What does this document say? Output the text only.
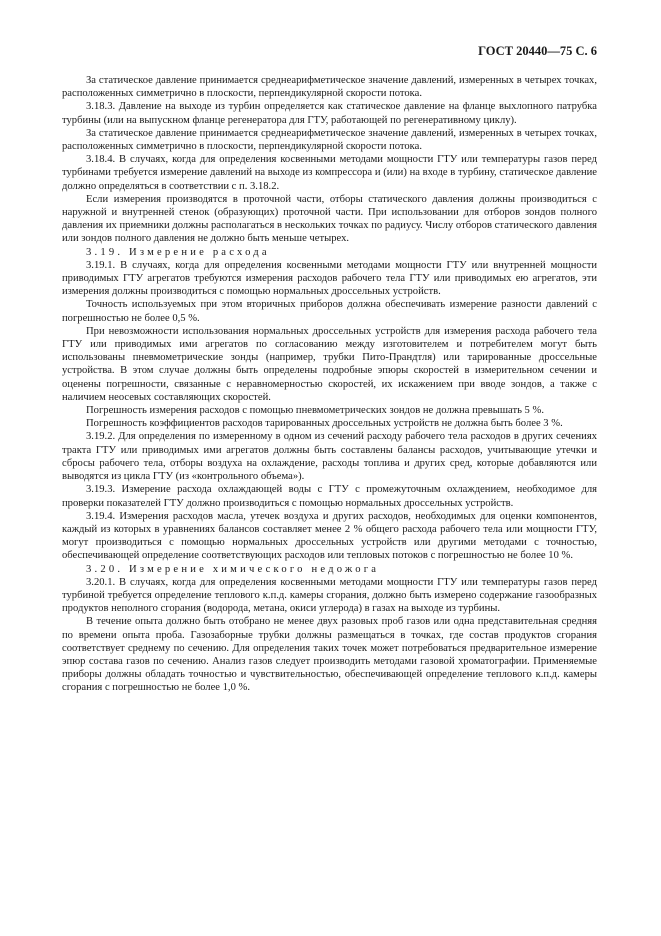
ГОСТ 20440—75 С. 6

За статическое давление принимается среднеарифметическое значение давлений, измеренных в четырех точках, расположенных симметрично в плоскости, перпендикулярной скорости потока.

3.18.3. Давление на выходе из турбин определяется как статическое давление на фланце выхлопного патрубка турбины (или на выпускном фланце регенератора для ГТУ, работающей по регенеративному циклу).

За статическое давление принимается среднеарифметическое значение давлений, измеренных в четырех точках, расположенных симметрично в плоскости, перпендикулярной скорости потока.

3.18.4. В случаях, когда для определения косвенными методами мощности ГТУ или температуры газов перед турбинами требуется измерение давлений на выходе из компрессора и (или) на входе в турбину, статическое давление должно определяться в соответствии с п. 3.18.2.

Если измерения производятся в проточной части, отборы статического давления должны производиться с наружной и внутренней стенок (образующих) проточной части. При использовании для отборов зондов полного давления их приемники должны располагаться в нескольких точках по радиусу. Числу отборов статического давления или зондов полного давления не должно быть меньше четырех.

3.19. Измерение расхода

3.19.1. В случаях, когда для определения косвенными методами мощности ГТУ или внутренней мощности приводимых ГТУ агрегатов требуются измерения расходов рабочего тела ГТУ или приводимых ею агрегатов, эти измерения должны производиться с помощью нормальных дроссельных устройств.

Точность используемых при этом вторичных приборов должна обеспечивать измерение разности давлений с погрешностью не более 0,5 %.

При невозможности использования нормальных дроссельных устройств для измерения расхода рабочего тела ГТУ или приводимых ими агрегатов по согласованию между изготовителем и потребителем могут быть использованы пневмометрические зонды (например, трубки Пито-Прандтля) или тарированные дроссельные устройства. В этом случае должны быть определены подробные эпюры скоростей в измерительном сечении и оценены погрешности, связанные с неравномерностью скоростей, их искажением при вводе зондов, а также с наличием неосевых составляющих скоростей.

Погрешность измерения расходов с помощью пневмометрических зондов не должна превышать 5 %.

Погрешность коэффициентов расходов тарированных дроссельных устройств не должна быть более 3 %.

3.19.2. Для определения по измеренному в одном из сечений расходу рабочего тела расходов в других сечениях тракта ГТУ или приводимых ими агрегатов должны быть составлены балансы расходов, учитывающие утечки и сбросы рабочего тела, отборы воздуха на охлаждение, расходы топлива и других сред, которые добавляются или выводятся из цикла ГТУ (из «контрольного объема»).

3.19.3. Измерение расхода охлаждающей воды с ГТУ с промежуточным охлаждением, необходимое для проверки показателей ГТУ должно производиться с помощью нормальных дроссельных устройств.

3.19.4. Измерения расходов масла, утечек воздуха и других расходов, необходимых для оценки компонентов, каждый из которых в уравнениях балансов составляет менее 2 % общего расхода рабочего тела или мощности ГТУ, могут производиться с помощью нормальных дроссельных устройств или другими методами с точностью, обеспечивающей определение соответствующих расходов или тепловых потоков с погрешностью не более 10 %.

3.20. Измерение химического недожога

3.20.1. В случаях, когда для определения косвенными методами мощности ГТУ или температуры газов перед турбиной требуется определение теплового к.п.д. камеры сгорания, должно быть измерено содержание газообразных продуктов неполного сгорания (водорода, метана, окиси углерода) в газах на выходе из турбины.

В течение опыта должно быть отобрано не менее двух разовых проб газов или одна представительная средняя по времени опыта проба. Газозаборные трубки должны размещаться в точках, где состав продуктов сгорания соответствует среднему по сечению. Для определения таких точек может потребоваться предварительное измерение эпюр состава газов по сечению. Анализ газов следует производить методами газовой хроматографии. Применяемые приборы должны обладать точностью и чувствительностью, обеспечивающей определение теплового к.п.д. камеры сгорания с погрешностью не более 1,0 %.
